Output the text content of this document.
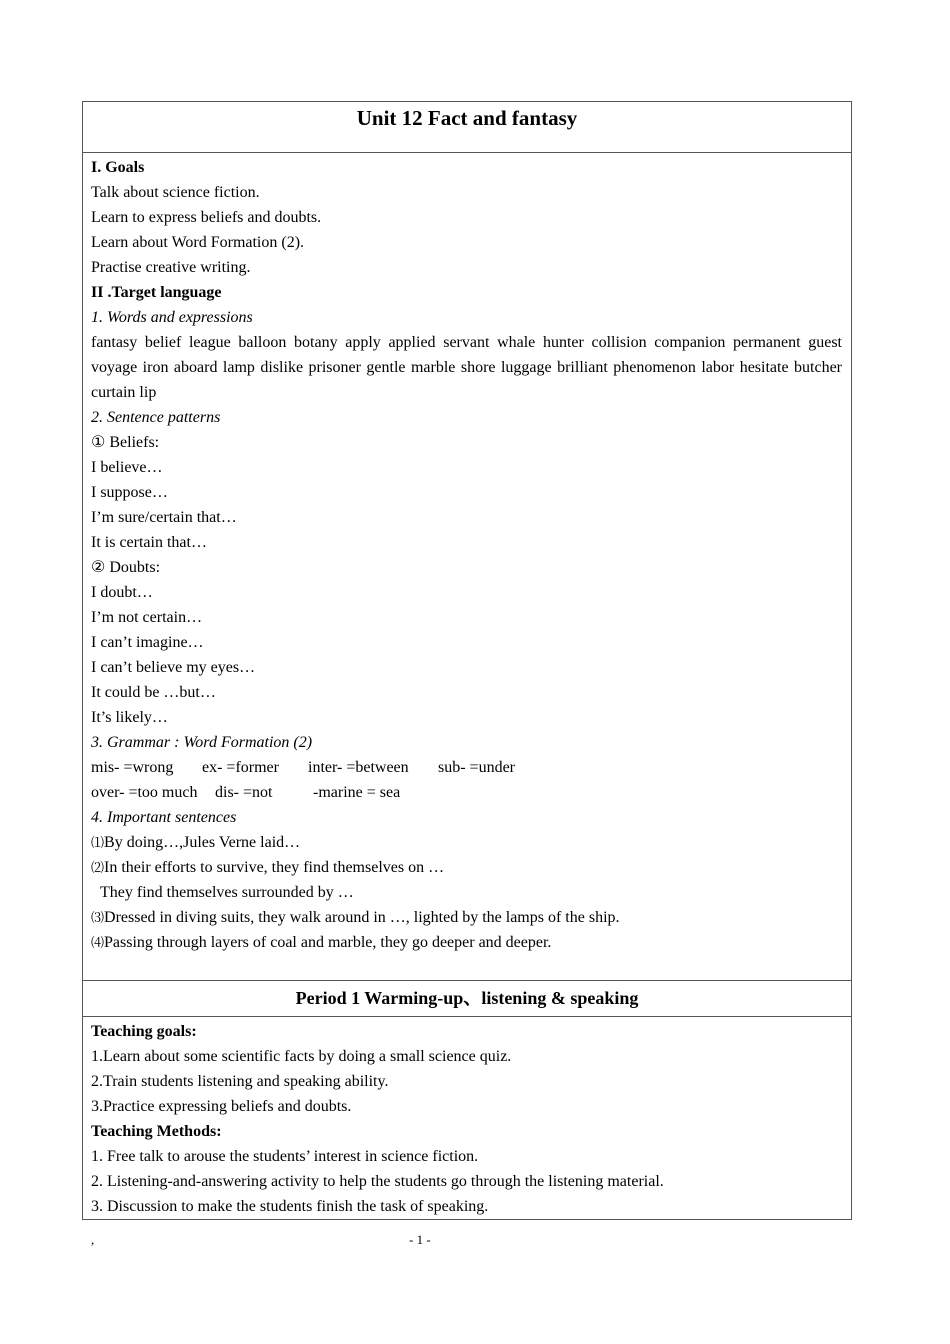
Unit 12 Fact and fantasy

I. Goals
Talk about science fiction.
Learn to express beliefs and doubts.
Learn about Word Formation (2).
Practise creative writing.
II .Target language
1. Words and expressions
fantasy belief league balloon botany apply applied servant whale hunter collision companion permanent guest voyage iron aboard lamp dislike prisoner gentle marble shore luggage brilliant phenomenon labor hesitate butcher curtain lip
2. Sentence patterns
① Beliefs:
I believe…
I suppose…
I’m sure/certain that…
It is certain that…
② Doubts:
I doubt…
I’m not certain…
I can’t imagine…
I can’t believe my eyes…
It could be …but…
It’s likely…
3. Grammar : Word Formation (2)
mis- =wrong ex- =former inter- =between sub- =under
over- =too much dis- =not	-marine = sea
4. Important sentences
⑴By doing…,Jules Verne laid…
⑵In their efforts to survive, they find themselves on …
They find themselves surrounded by …
⑶Dressed in diving suits, they walk around in …, lighted by the lamps of the ship.
⑷Passing through layers of coal and marble, they go deeper and deeper.

Period 1 Warming-up、listening & speaking

Teaching goals:
1.Learn about some scientific facts by doing a small science quiz.
2.Train students listening and speaking ability.
3.Practice expressing beliefs and doubts.
Teaching Methods:
1. Free talk to arouse the students’ interest in science fiction.
2. Listening-and-answering activity to help the students go through the listening material.
3. Discussion to make the students finish the task of speaking.
,	- 1 -
